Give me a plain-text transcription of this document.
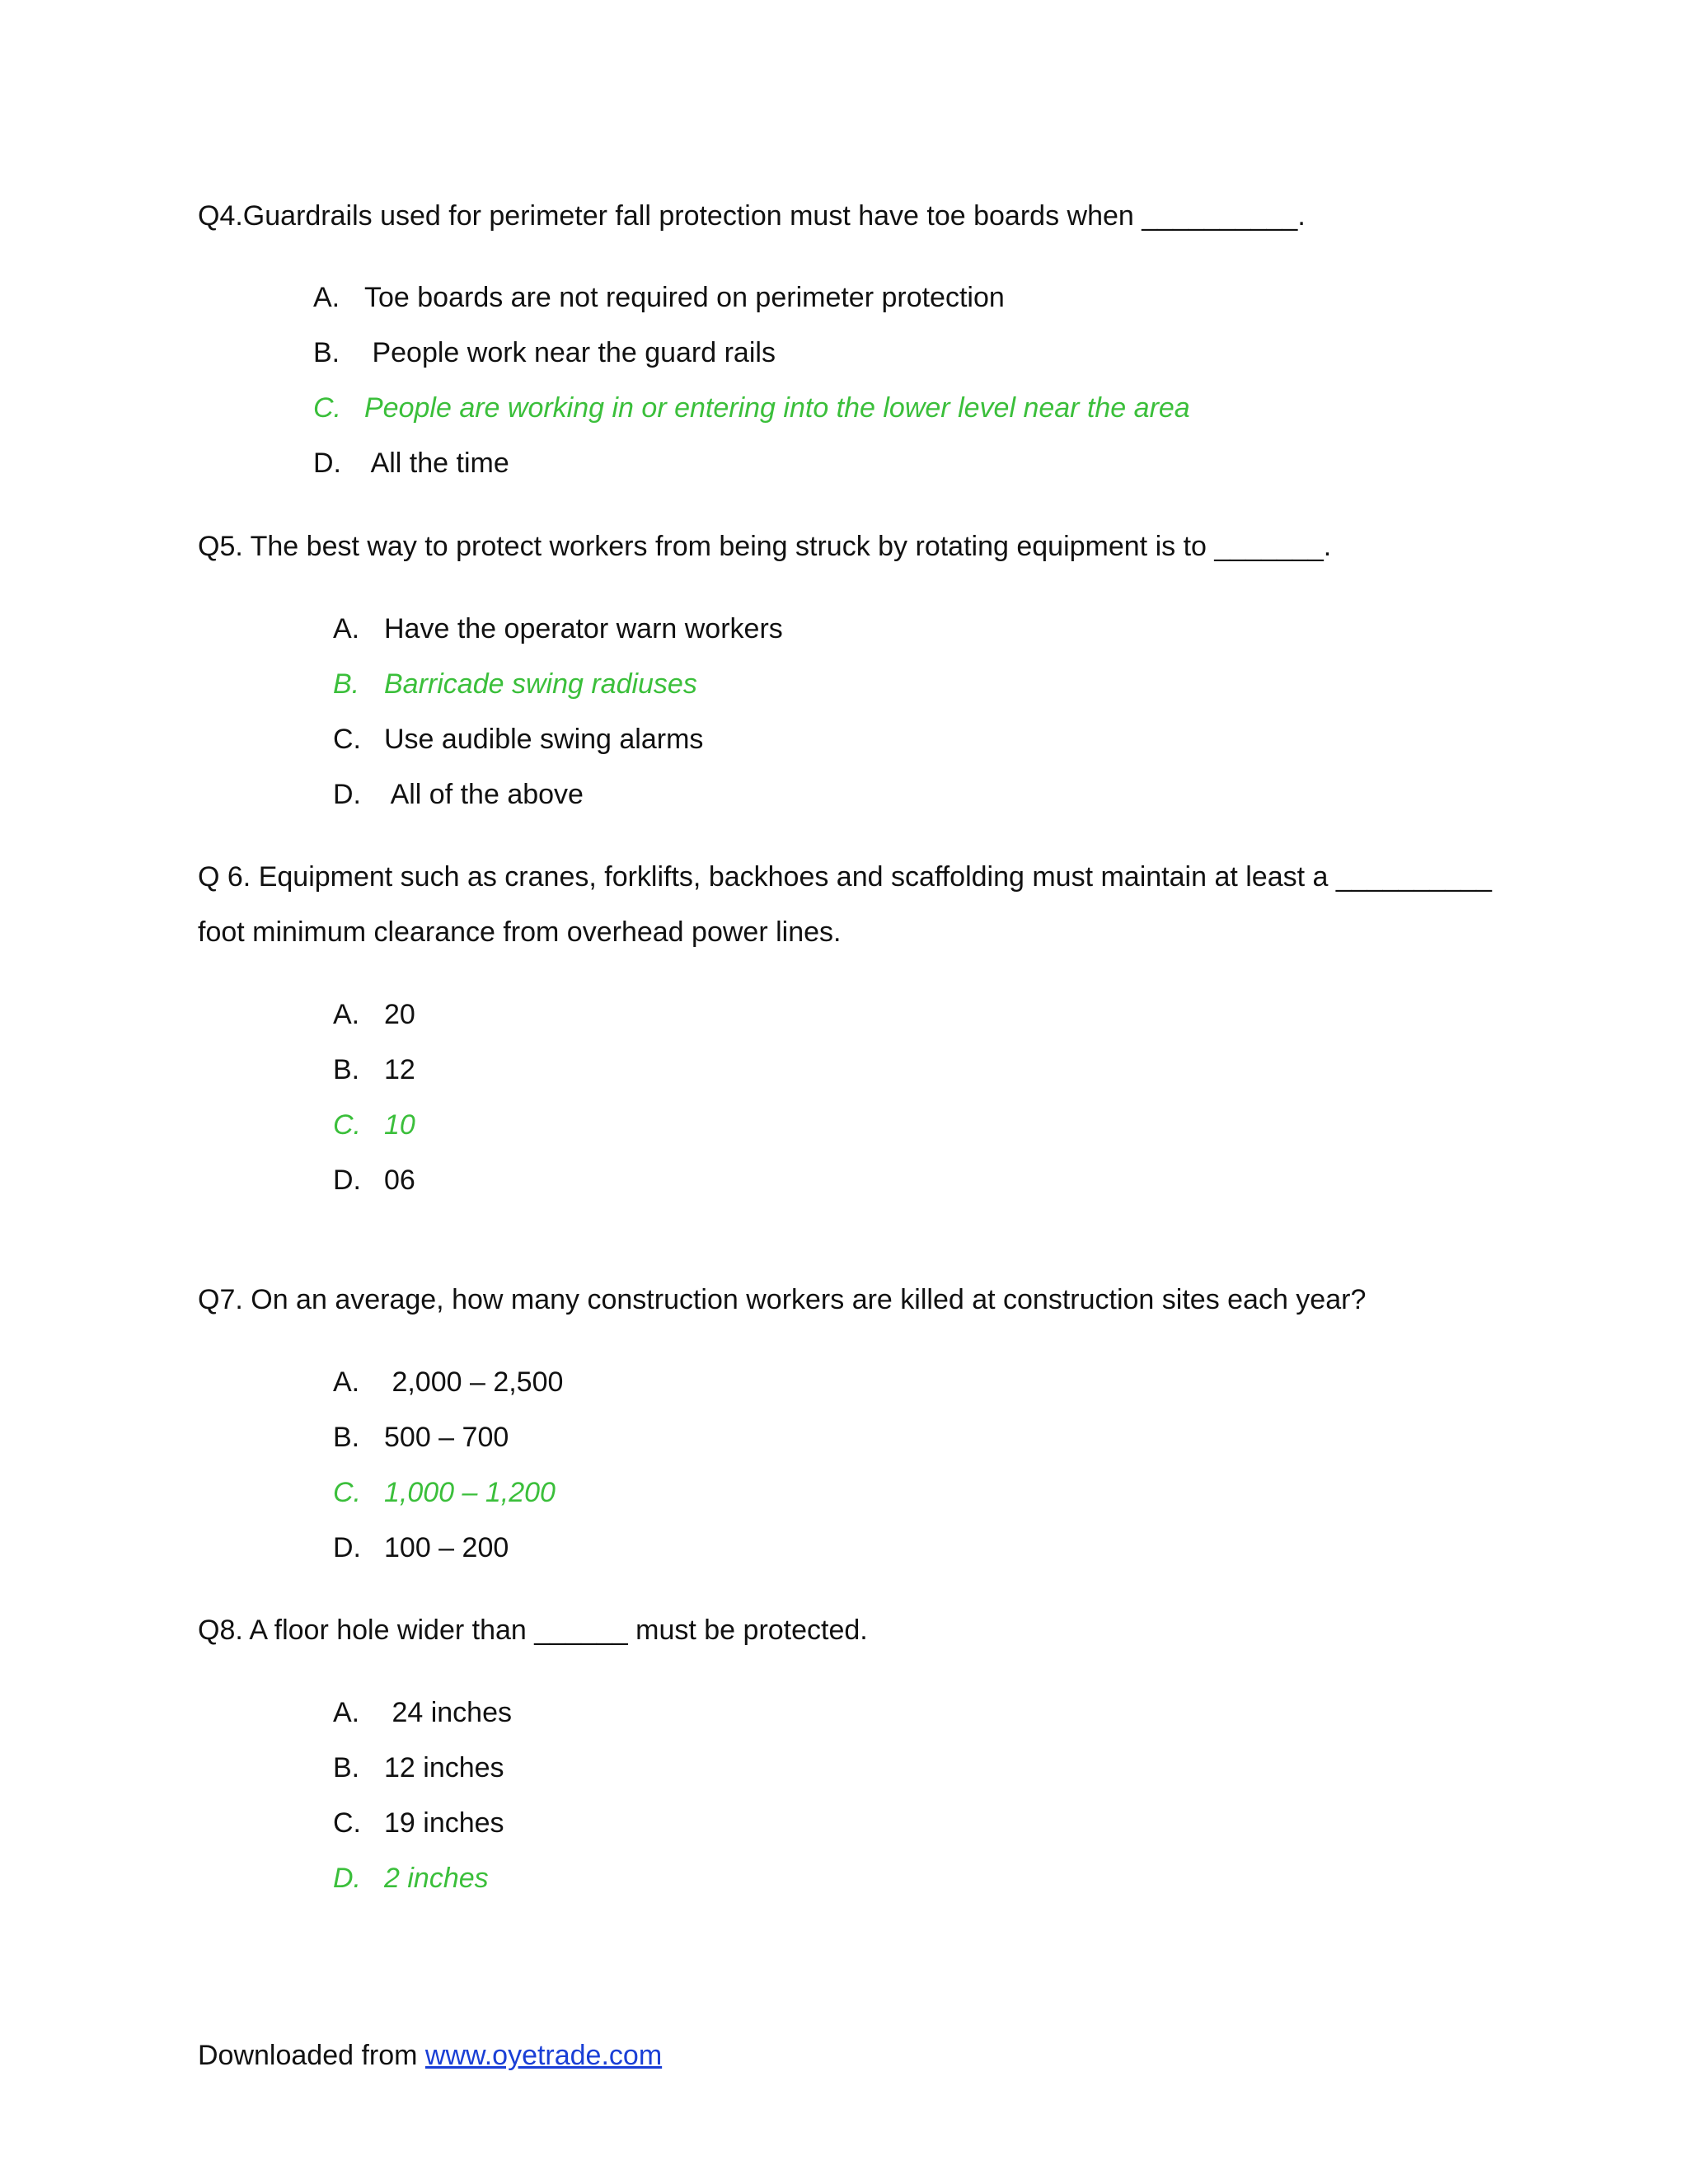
Q4.Guardrails used for perimeter fall protection must have toe boards when __________.
A. Toe boards are not required on perimeter protection
B. People work near the guard rails
C. People are working in or entering into the lower level near the area
D. All the time
Q5. The best way to protect workers from being struck by rotating equipment is to _______.
A. Have the operator warn workers
B. Barricade swing radiuses
C. Use audible swing alarms
D. All of the above
Q 6. Equipment such as cranes, forklifts, backhoes and scaffolding must maintain at least a __________
foot minimum clearance from overhead power lines.
A. 20
B. 12
C. 10
D. 06
Q7. On an average, how many construction workers are killed at construction sites each year?
A. 2,000 – 2,500
B. 500 – 700
C. 1,000 – 1,200
D. 100 – 200
Q8. A floor hole wider than ______ must be protected.
A. 24 inches
B. 12 inches
C. 19 inches
D. 2 inches
Downloaded from www.oyetrade.com
